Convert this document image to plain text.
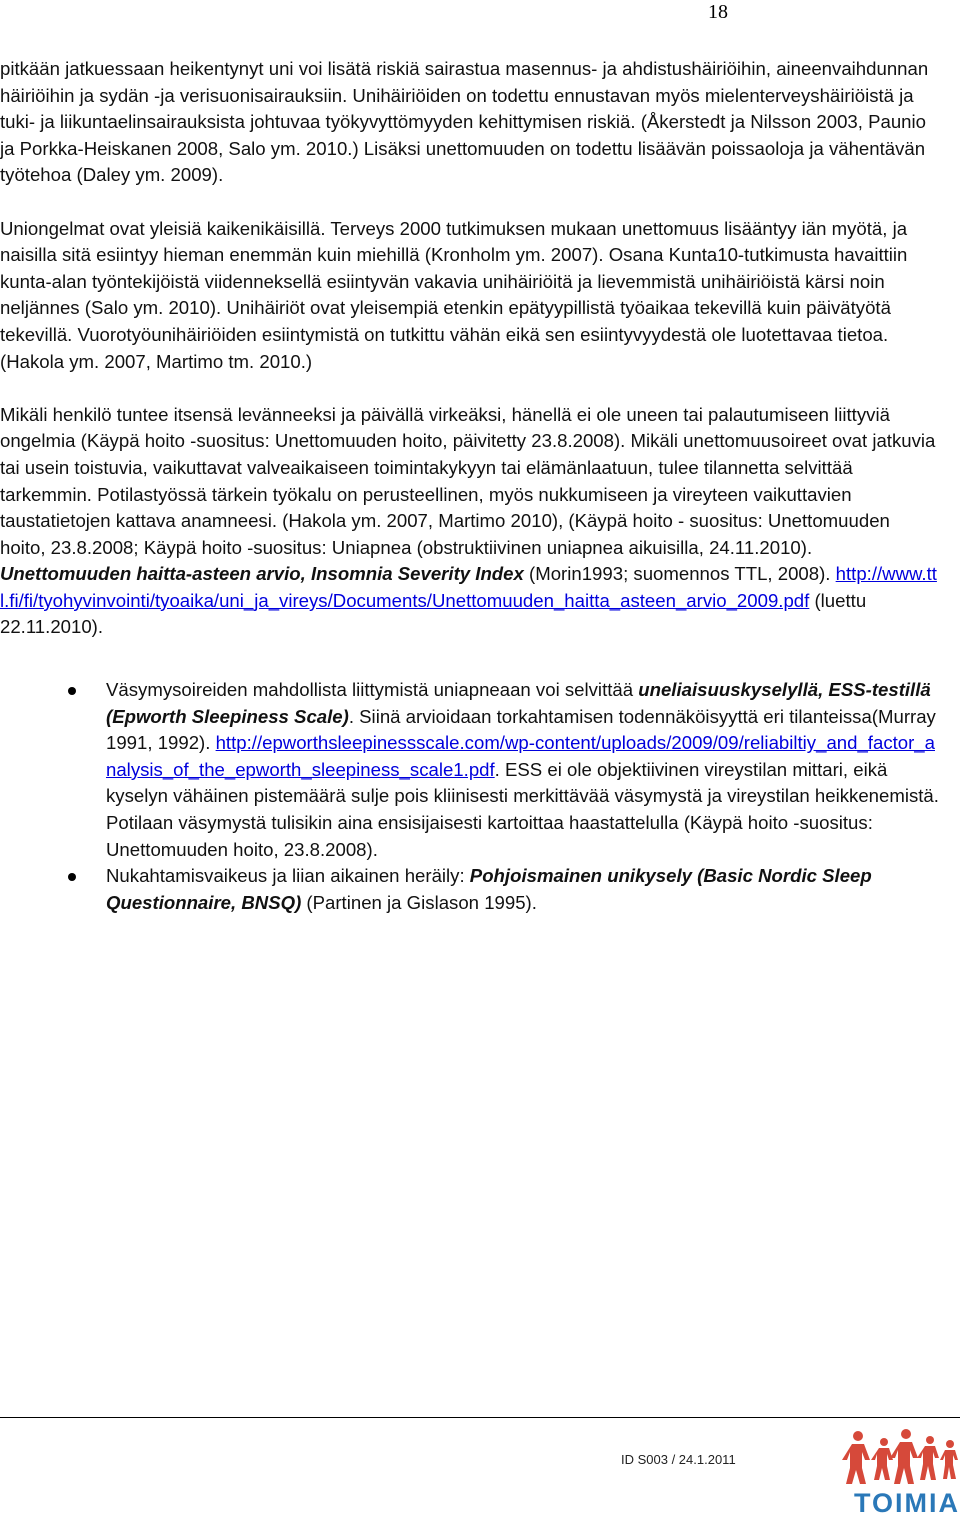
18

pitkään jatkuessaan heikentynyt uni voi lisätä riskiä sairastua masennus- ja ahdistushäiriöihin, aineenvaihdunnan häiriöihin ja sydän -ja verisuonisairauksiin. Unihäiriöiden on todettu ennustavan myös mielenterveyshäiriöistä ja tuki- ja liikuntaelinsairauksista johtuvaa työkyvyttömyyden kehittymisen riskiä. (Åkerstedt ja Nilsson 2003, Paunio ja Porkka-Heiskanen 2008, Salo ym. 2010.) Lisäksi unettomuuden on todettu lisäävän poissaoloja ja vähentävän työtehoa (Daley ym. 2009).

Uniongelmat ovat yleisiä kaikenikäisillä. Terveys 2000 tutkimuksen mukaan unettomuus lisääntyy iän myötä, ja naisilla sitä esiintyy hieman enemmän kuin miehillä (Kronholm ym. 2007). Osana Kunta10-tutkimusta havaittiin kunta-alan työntekijöistä viidenneksellä esiintyvän vakavia unihäiriöitä ja lievemmistä unihäiriöistä kärsi noin neljännes (Salo ym. 2010). Unihäiriöt ovat yleisempiä etenkin epätyypillistä työaikaa tekevillä kuin päivätyötä tekevillä. Vuorotyöunihäiriöiden esiintymistä on tutkittu vähän eikä sen esiintyvyydestä ole luotettavaa tietoa. (Hakola ym. 2007, Martimo tm. 2010.)

Mikäli henkilö tuntee itsensä levänneeksi ja päivällä virkeäksi, hänellä ei ole uneen tai palautumiseen liittyviä ongelmia (Käypä hoito -suositus: Unettomuuden hoito, päivitetty 23.8.2008). Mikäli unettomuusoireet ovat jatkuvia tai usein toistuvia, vaikuttavat valveaikaiseen toimintakykyyn tai elämänlaatuun, tulee tilannetta selvittää tarkemmin. Potilastyössä tärkein työkalu on perusteellinen, myös nukkumiseen ja vireyteen vaikuttavien taustatietojen kattava anamneesi. (Hakola ym. 2007, Martimo 2010), (Käypä hoito - suositus: Unettomuuden hoito, 23.8.2008; Käypä hoito -suositus: Uniapnea (obstruktiivinen uniapnea aikuisilla, 24.11.2010). Unettomuuden haitta-asteen arvio, Insomnia Severity Index (Morin1993; suomennos TTL, 2008). http://www.ttl.fi/fi/tyohyvinvointi/tyoaika/uni_ja_vireys/Documents/Unettomuuden_haitta_asteen_arvio_2009.pdf (luettu 22.11.2010).

Väsymysoireiden mahdollista liittymistä uniapneaan voi selvittää uneliaisuuskyselyllä, ESS-testillä (Epworth Sleepiness Scale). Siinä arvioidaan torkahtamisen todennäköisyyttä eri tilanteissa(Murray 1991, 1992). http://epworthsleepinessscale.com/wp-content/uploads/2009/09/reliabiltiy_and_factor_analysis_of_the_epworth_sleepiness_scale1.pdf. ESS ei ole objektiivinen vireystilan mittari, eikä kyselyn vähäinen pistemäärä sulje pois kliinisesti merkittävää väsymystä ja vireystilan heikkenemistä. Potilaan väsymystä tulisikin aina ensisijaisesti kartoittaa haastattelulla (Käypä hoito -suositus: Unettomuuden hoito, 23.8.2008).
Nukahtamisvaikeus ja liian aikainen heräily: Pohjoismainen unikysely (Basic Nordic Sleep Questionnaire, BNSQ) (Partinen ja Gislason 1995).
ID S003 / 24.1.2011
TOIMIA
